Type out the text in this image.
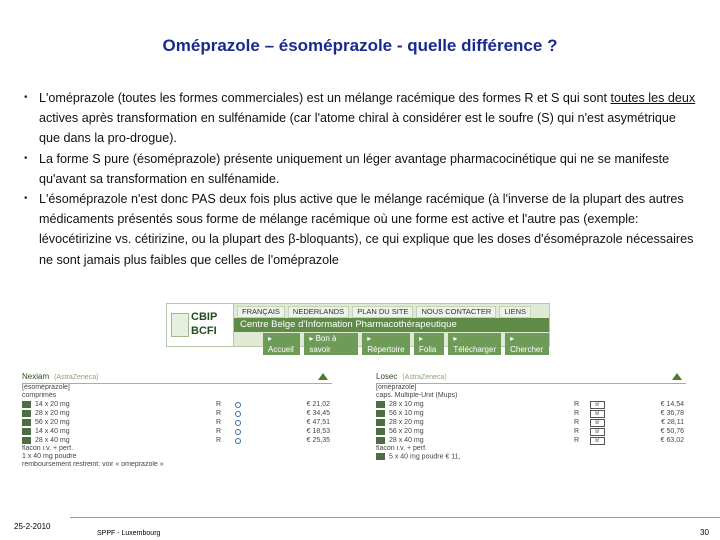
Oméprazole – ésoméprazole - quelle différence ?
• L'oméprazole (toutes les formes commerciales) est un mélange racémique des formes R et S qui sont toutes les deux actives après transformation en sulfénamide (car l'atome chiral à considérer est le soufre (S) qui n'est asymétrique que dans la pro-drogue).
• La forme S pure (ésoméprazole) présente uniquement un léger avantage pharmacocinétique qui ne se manifeste qu'avant sa transformation en sulfénamide.
• L'ésoméprazole n'est donc PAS deux fois plus active que le mélange racémique (à l'inverse de la plupart des autres médicaments présentés sous forme de mélange racémique où une forme est active et l'autre pas (exemple: lévocétirizine vs. cétirizine, ou la plupart des β-bloquants), ce qui explique que les doses d'ésoméprazole nécessaires ne sont jamais plus faibles que celles de l'oméprazole
CBIP
BCFI
FRANÇAIS	NEDERLANDS	PLAN DU SITE	NOUS CONTACTER	LIENS
Centre Belge d'Information Pharmacothérapeutique
▸ Accueil
▸ Bon à savoir	▸ Répertoire	▸ Folia	▸ Télécharger	▸ Chercher
Nexiam (AstraZeneca)
[ésoméprazole]
comprimés
14 x 20 mg	R	€ 21,02
28 x 20 mg	R	€ 34,45
56 x 20 mg	R	€ 47,51
14 x 40 mg	R	€ 18,53
28 x 40 mg	R	€ 25,35
flacon i.v. + perf.
1 x 40 mg poudre
remboursement restreint: voir « omeprazole »
Losec (AstraZeneca)
[oméprazole]
caps. Multiple-Unit (Mups)
28 x 10 mg	R	b!	€ 14,54
56 x 10 mg	R	b!	€ 36,78
28 x 20 mg	R	b!	€ 28,11
56 x 20 mg	R	b!	€ 50,76
28 x 40 mg	R	b!	€ 63,02
flacon i.v. + perf.
5 x 40 mg poudre € 11,
25-2-2010
SPPF - Luxembourg	30
